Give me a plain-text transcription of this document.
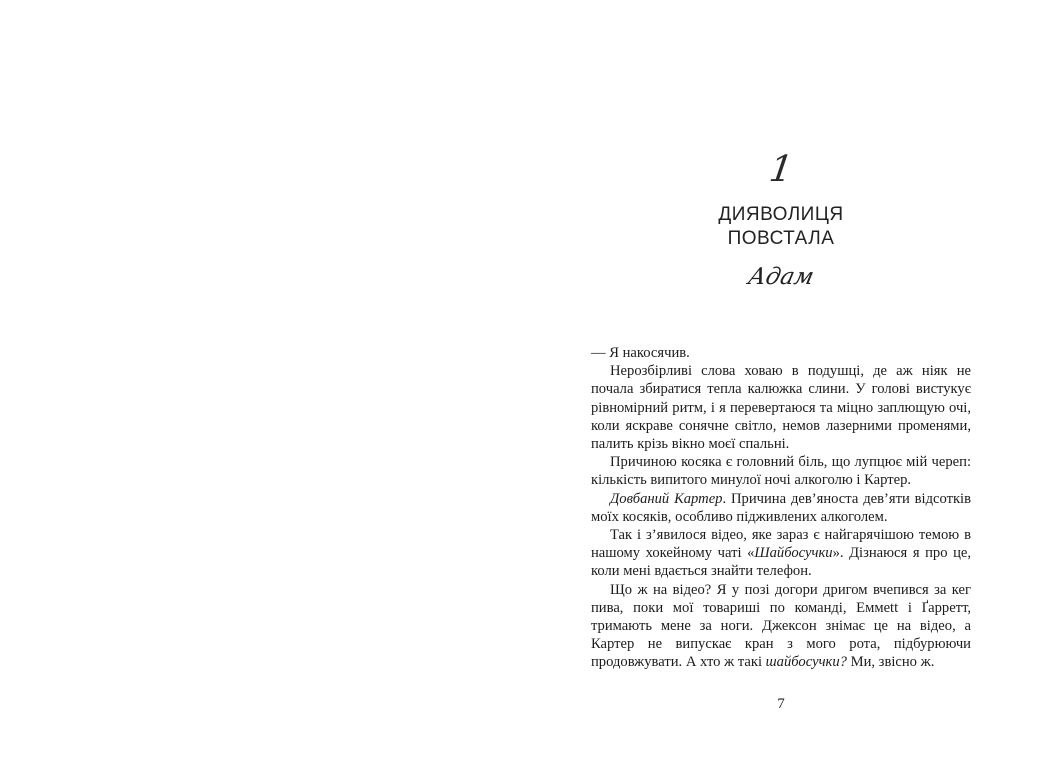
1
ДИЯВОЛИЦЯ
ПОВСТАЛА
Адам

— Я накосячив.

Нерозбірливі слова ховаю в подушці, де аж ніяк не почала збиратися тепла калюжка слини. У голові вистукує рівномірний ритм, і я перевертаюся та міцно заплющую очі, коли яскраве сонячне світло, немов лазерними променями, палить крізь вікно моєї спальні.

Причиною косяка є головний біль, що лупцює мій череп: кількість випитого минулої ночі алкоголю і Картер.

Довбаний Картер. Причина дев’яноста дев’яти відсотків моїх косяків, особливо підживлених алкоголем.

Так і з’явилося відео, яке зараз є найгарячішою темою в нашому хокейному чаті «Шайбосучки». Дізнаюся я про це, коли мені вдається знайти телефон.

Що ж на відео? Я у позі догори дригом вчепився за кег пива, поки мої товариші по команді, Еммett і Ґарретт, тримають мене за ноги. Джексон знімає це на відео, а Картер не випускає кран з мого рота, підбурюючи продовжувати. А хто ж такі шайбосучки? Ми, звісно ж.

7
